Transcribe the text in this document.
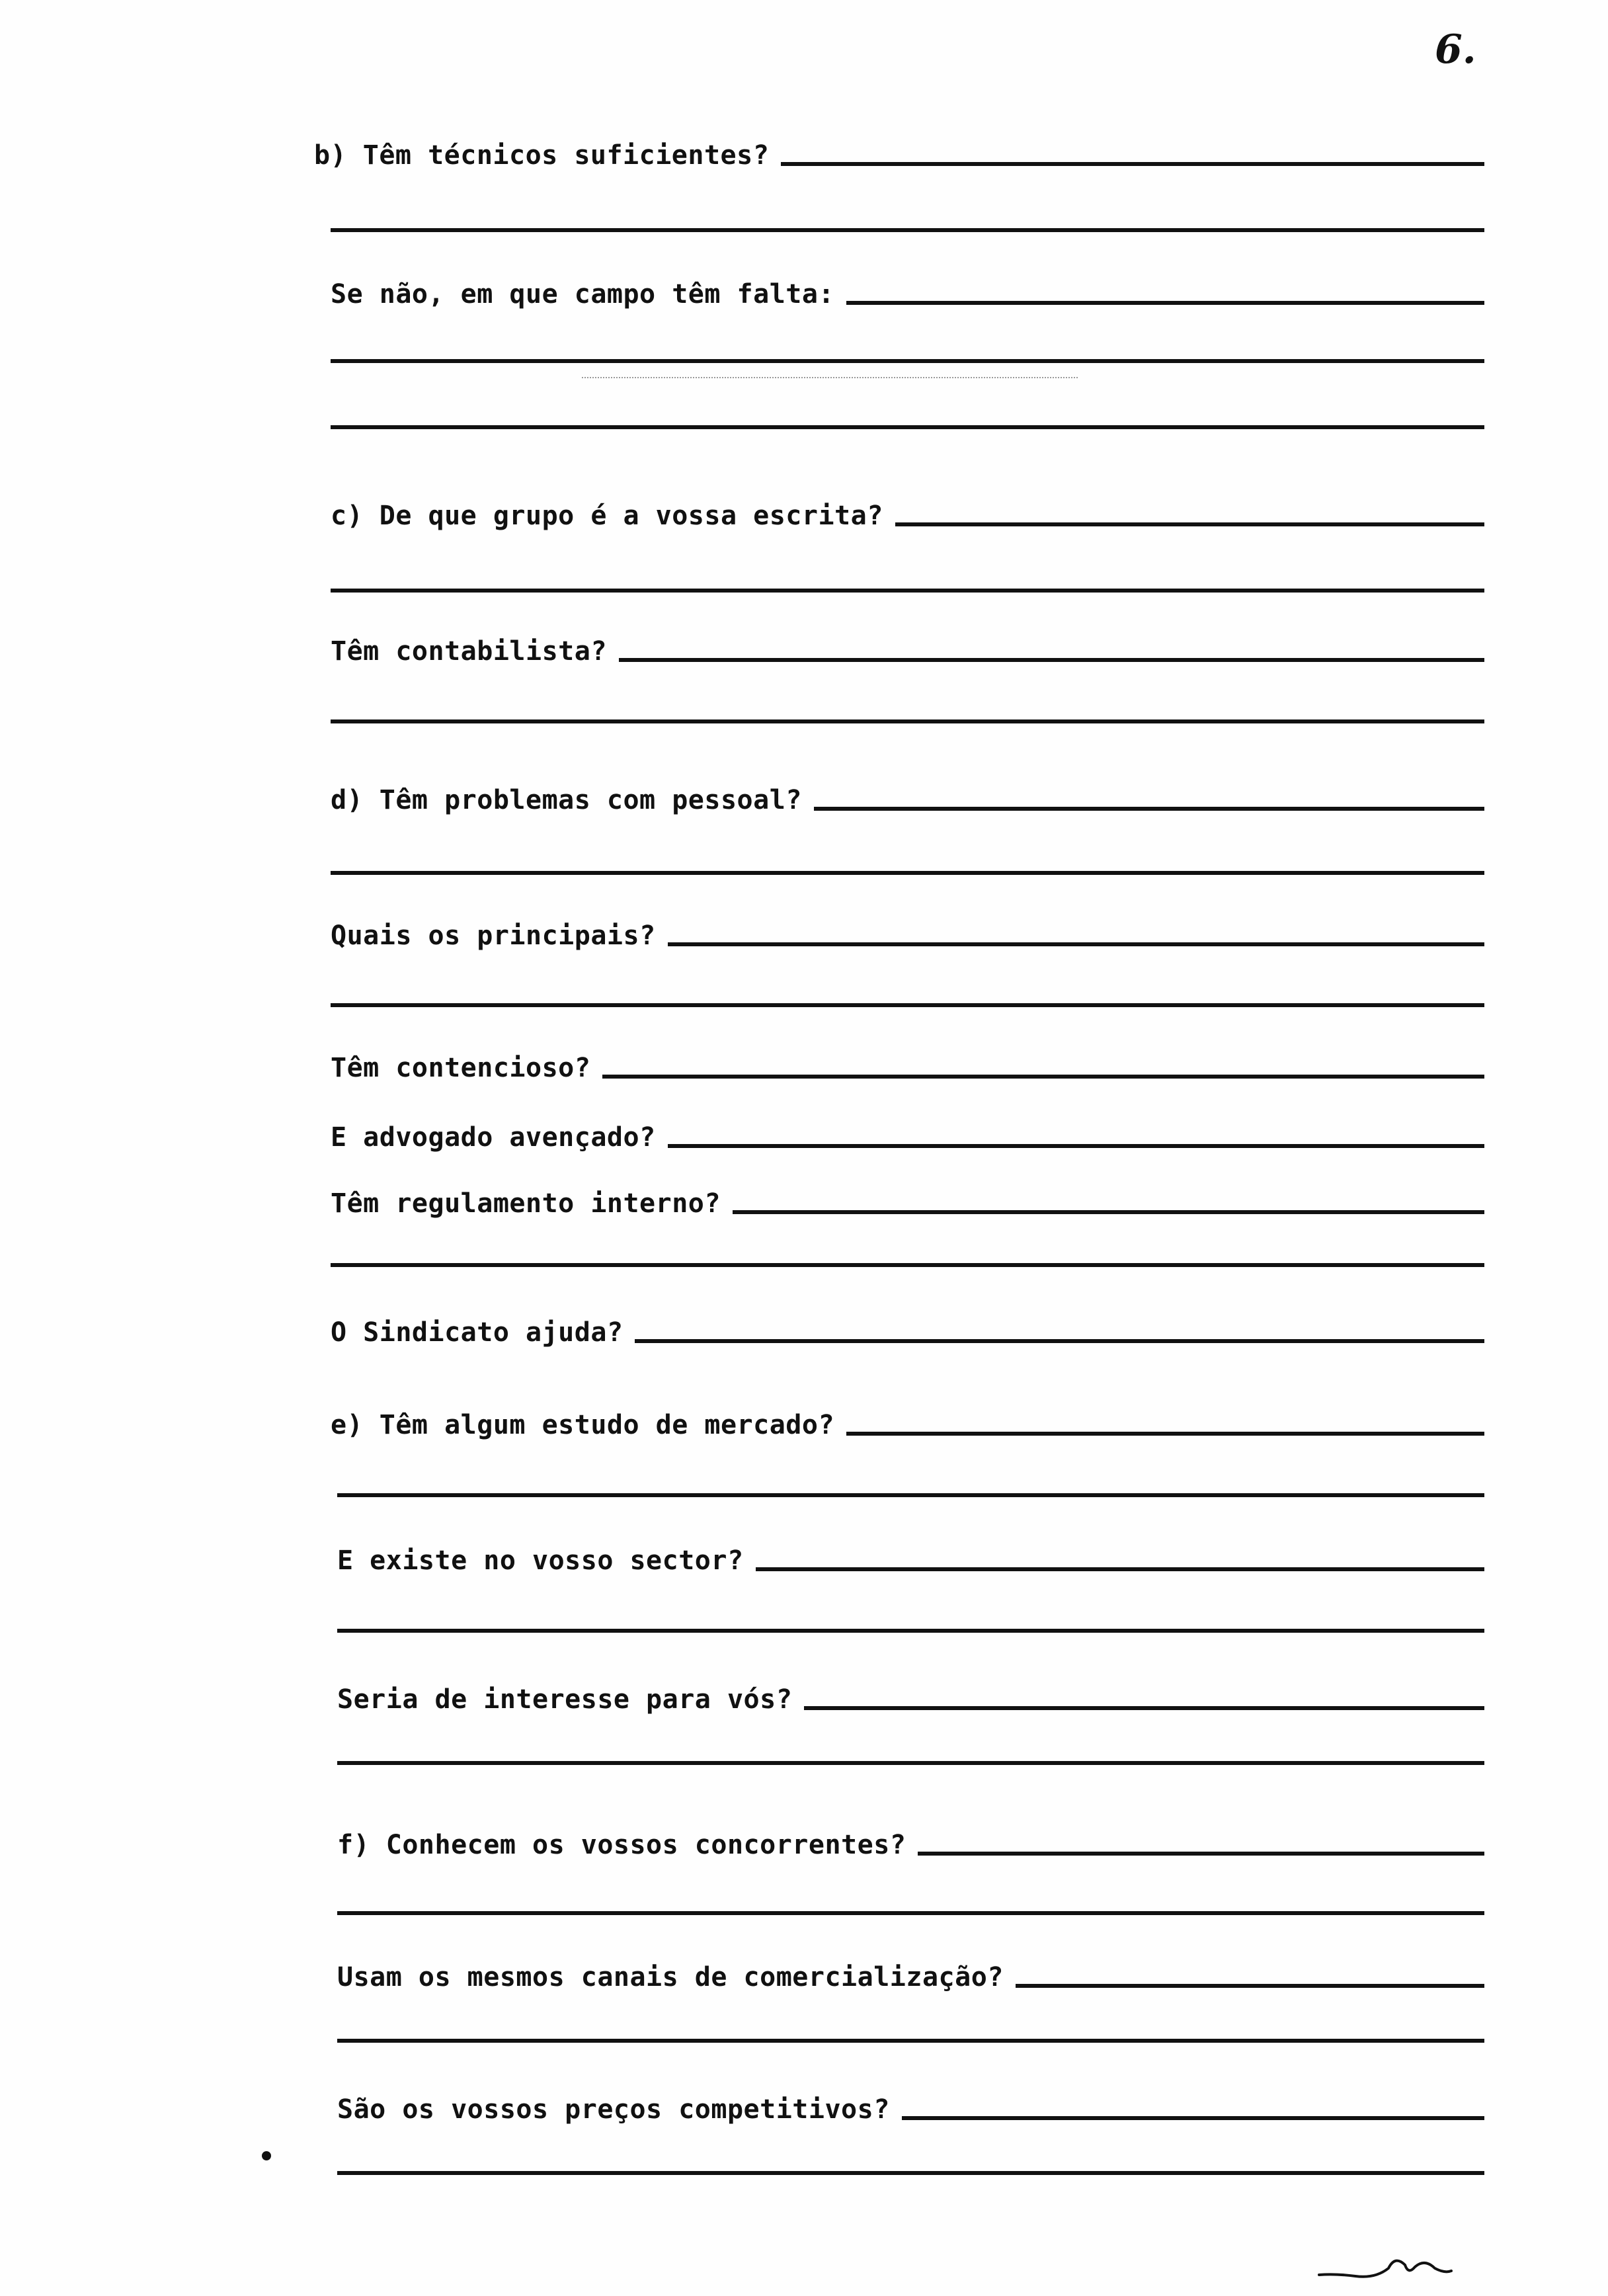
6.
b) Têm técnicos suficientes?
Se não, em que campo têm falta:
c) De que grupo é a vossa escrita?
Têm contabilista?
d) Têm problemas com pessoal?
Quais os principais?
Têm contencioso?
E advogado avençado?
Têm regulamento interno?
O Sindicato ajuda?
e) Têm algum estudo de mercado?
E existe no vosso sector?
Seria de interesse para vós?
f) Conhecem os vossos concorrentes?
Usam os mesmos canais de comercialização?
São os vossos preços competitivos?
